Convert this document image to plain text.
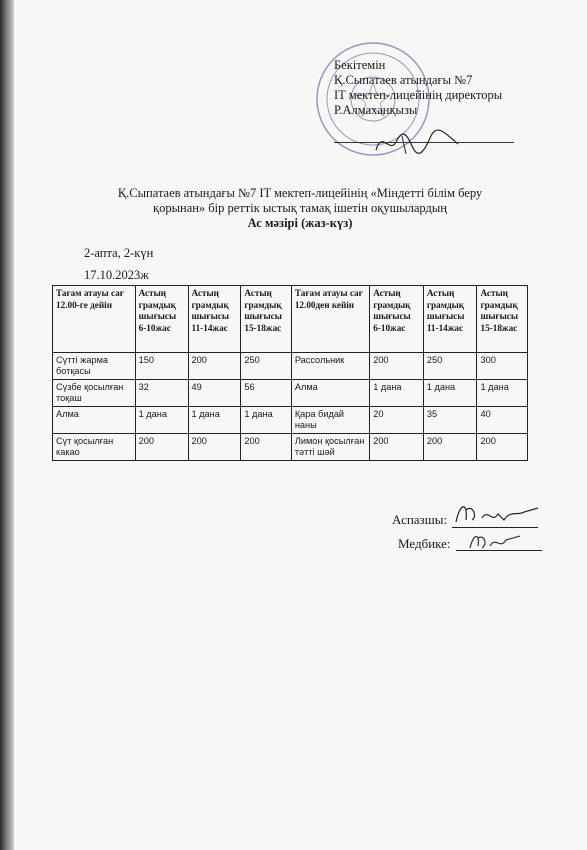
Бекітемін
Қ.Сыпатаев атындағы №7
IT мектеп-лицейінің директоры
Р.Алмаханқызы
Қ.Сыпатаев атындағы №7 IT мектеп-лицейінің «Міндетті білім беру
қорынан» бір реттік ыстық тамақ ішетін оқушылардың
Ас мәзірі (жаз-күз)
2-апта, 2-күн
17.10.2023ж
Тағам атауы сағ 12.00-ге дейін	Астың грамдық шығысы 6-10жас	Астың грамдық шығысы 11-14жас	Астың грамдық шығысы 15-18жас	Тағам атауы сағ 12.00ден кейін	Астың грамдық шығысы 6-10жас	Астың грамдық шығысы 11-14жас	Астың грамдық шығысы 15-18жас
Сүтті жарма ботқасы	150	200	250	Рассольник	200	250	300
Сүзбе қосылған тоқаш	32	49	56	Алма	1 дана	1 дана	1 дана
Алма	1 дана	1 дана	1 дана	Қара бидай наны	20	35	40
Сүт қосылған какао	200	200	200	Лимон қосылған тәтті шәй	200	200	200
Аспазшы:
Медбике:
